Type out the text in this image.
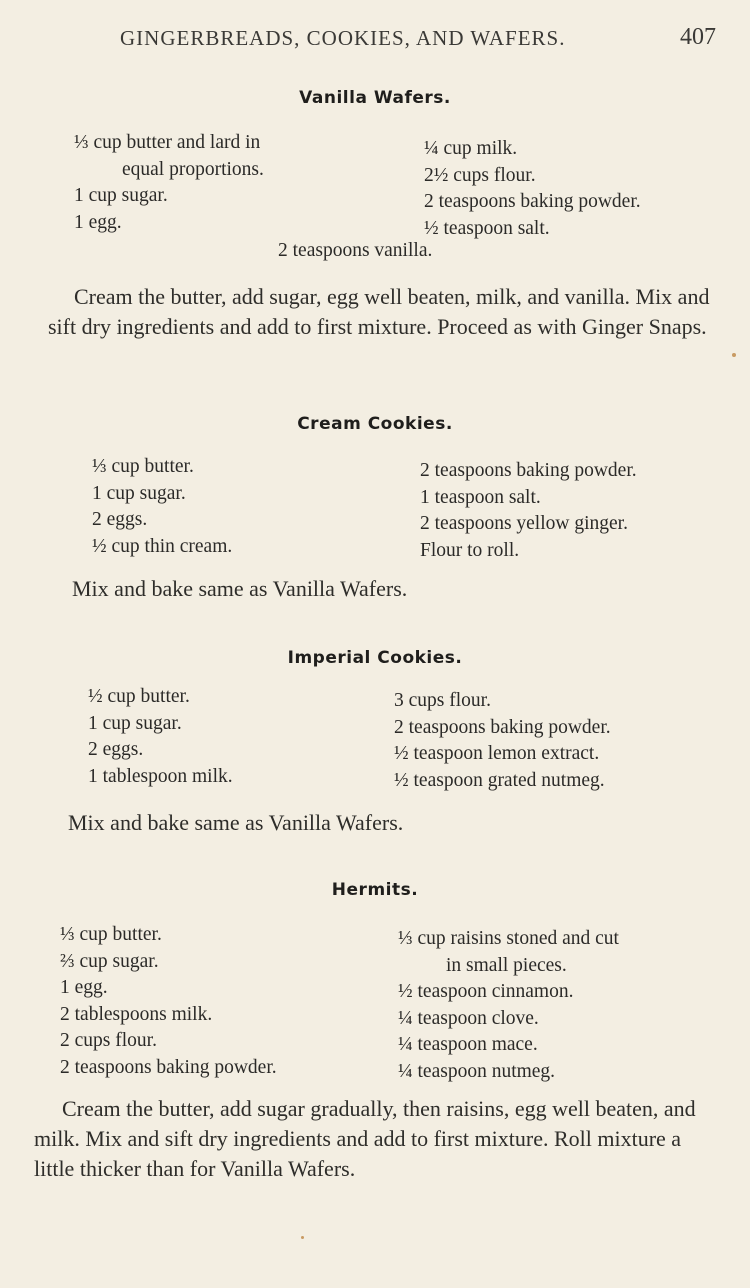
GINGERBREADS, COOKIES, AND WAFERS.	407
Vanilla Wafers.
⅓ cup butter and lard in
equal proportions.
1 cup sugar.
1 egg.
¼ cup milk.
2½ cups flour.
2 teaspoons baking powder.
½ teaspoon salt.
2 teaspoons vanilla.

Cream the butter, add sugar, egg well beaten, milk, and vanilla. Mix and sift dry ingredients and add to first mixture. Proceed as with Ginger Snaps.

Cream Cookies.
⅓ cup butter.
1 cup sugar.
2 eggs.
½ cup thin cream.
2 teaspoons baking powder.
1 teaspoon salt.
2 teaspoons yellow ginger.
Flour to roll.

Mix and bake same as Vanilla Wafers.

Imperial Cookies.
½ cup butter.
1 cup sugar.
2 eggs.
1 tablespoon milk.
3 cups flour.
2 teaspoons baking powder.
½ teaspoon lemon extract.
½ teaspoon grated nutmeg.

Mix and bake same as Vanilla Wafers.

Hermits.
⅓ cup butter.
⅔ cup sugar.
1 egg.
2 tablespoons milk.
2 cups flour.
2 teaspoons baking powder.
⅓ cup raisins stoned and cut
in small pieces.
½ teaspoon cinnamon.
¼ teaspoon clove.
¼ teaspoon mace.
¼ teaspoon nutmeg.

Cream the butter, add sugar gradually, then raisins, egg well beaten, and milk. Mix and sift dry ingredients and add to first mixture. Roll mixture a little thicker than for Vanilla Wafers.
